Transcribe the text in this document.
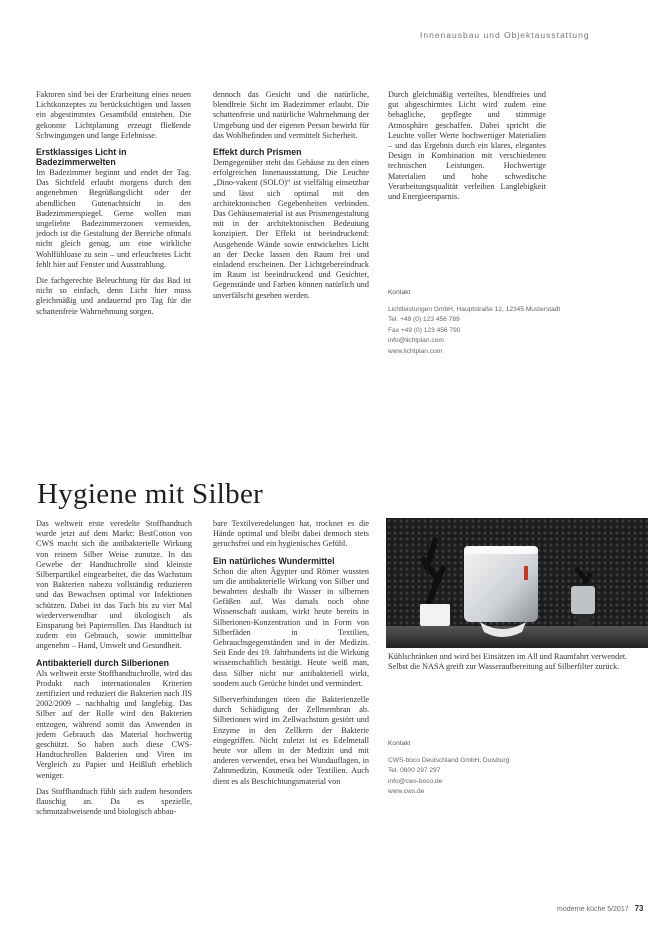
Innenausbau und Objektausstattung

Faktoren sind bei der Erarbeitung eines neuen Lichtkonzeptes zu berücksichtigen und lassen ein abgestimmtes Gesamtbild entstehen. Die gekonnte Lichtplanung erzeugt fließende Schwingungen und lange Erlebnisse.

Erstklassiges Licht in Badezimmerwelten

Im Badezimmer beginnt und endet der Tag. Das Sichtfeld erlaubt morgens durch den angenehmen Begrüßungslicht oder der abendlichen Gutenachtsicht in den Badezimmerspiegel. Gerne wollen man ungeliebte Badezimmerzonen vermeiden, jedoch ist die Gestaltung der Bereiche oftmals nicht gleich genug, um eine wirkliche Wohlfühloase zu sein – und erleuchtetes Licht fehlt hier auf Fenster und Ausstrahlung.

Die fachgerechte Beleuchtung für das Bad ist nicht so einfach, denn Licht hier muss gleichmäßig und andauernd pro Tag für die schattenfreie Wahrnehmung sorgen.

dennoch das Gesicht und die natürliche, blendfreie Sicht im Badezimmer erlaubt. Die schattenfreie und natürliche Wahrnehmung der Umgebung und der eigenen Person bewirkt für das Wohlbefinden und vermittelt Sicherheit.

Effekt durch Prismen

Demgegenüber steht das Gehäuse zu den einen erfolgreichen Innenausstattung. Die Leuchte „Dino-vakent (SOLO)“ ist vielfältig einsetzbar und lässt sich optimal mit den architektonischen Gegebenheiten verbinden. Das Gehäusematerial ist aus Prismengestaltung mit in der architektonischen Bedeutung konzipiert. Der Effekt ist beeindruckend: Ausgehende Wände sowie entwickeltes Licht an der Decke lassen den Raum frei und einladend erscheinen. Der Lichtgebereindruck im Raum ist beeindruckend und Gesichter, Gegenstände und Farben können natürlich und unverfälscht gesehen werden.

Durch gleichmäßig verteiltes, blendfreies und gut abgeschirmtes Licht wird zudem eine behagliche, gepflegte und stimmige Atmosphäre geschaffen. Dabei spricht die Leuchte voller Werte hochwertiger Materialien – und das Ergebnis durch ein klares, elegantes Design in Kombination mit verschiedenen technischen Leistungen. Hochwertige Materialien und hohe schwedische Verarbeitungsqualität verleihen Langlebigkeit und Energieersparnis.

Kontakt
Lichtleistungen GmbH, Hauptstraße 12, 12345 Musterstadt
Tel. +49 (0) 123 456 789
Fax +49 (0) 123 456 790
info@lichtplan.com
www.lichtplan.com
Hygiene mit Silber

Das weltweit erste veredelte Stoffhandtuch wurde jetzt auf dem Markt: BestCotton von CWS macht sich die antibakterielle Wirkung von reinem Silber Weise zunutze. In das Gewebe der Handtuchrolle sind kleinste Silberpartikel eingearbeitet, die das Wachstum von Bakterien nahezu vollständig reduzieren und das Bewachsen optimal vor Infektionen schützen. Dabei ist das Tuch bis zu vier Mal wiederverwendbar und ökologisch als Einsparung bei Papierrollen. Das Handtuch ist zudem ein Gebrauch, sowie unmittelbar angenehm – Hand, Umwelt und Gesundheit.

Antibakteriell durch Silberionen

Als weltweit erste Stoffhandtuchrolle, wird das Produkt nach internationalen Kriterien zertifiziert und reduziert die Bakterien nach JIS 2002/2009 – nachhaltig und langlebig. Das Silber auf der Rolle wird den Bakterien entzogen, während somit das Anwenden in jedem Gebrauch das Material hochwertig geschützt. So haben auch diese CWS-Handtuchrollen Bakterien und Viren im Vergleich zu Papier und Heißluft erheblich weniger.

Das Stoffhandtuch fühlt sich zudem besonders flauschig an. Da es spezielle, schmutzabweisende und biologisch abbau-

bare Textilveredelungen hat, trocknet es die Hände optimal und bleibt dabei dennoch stets geruchsfrei und ein hygienisches Gefühl.

Ein natürliches Wundermittel

Schon die alten Ägypter und Römer wussten um die antibakterielle Wirkung von Silber und bewahrten deshalb ihr Wasser in silbernen Gefäßen auf. Was damals noch ohne Wissenschaft auskam, wirkt heute bereits in Silberionen-Konzentration und in Form von Silberfäden in Textilien, Gebrauchsgegenständen und in der Medizin. Seit Ende des 19. Jahrhunderts ist die Wirkung wissenschaftlich bestätigt. Heute weiß man, dass Silber nicht nur antibakteriell wirkt, sondern auch Gerüche bindet und vermindert.

Silberverbindungen töten die Bakterienzelle durch Schädigung der Zellmembran ab. Silberionen wird im Zellwachstum gestört und Enzyme in den Zellkern der Bakterie eingegriffen. Nicht zuletzt ist es Edelmetall heute vor allem in der Medizin und mit anderen verwendet, etwa bei Wundauflagen, in Zahnmedizin, Kosmetik oder Textilien. Auch dient es als Beschichtungsmaterial von

Kühlschränken und wird bei Einsätzen im All und Raumfahrt verwendet. Selbst die NASA greift zur Wasseraufbereitung auf Silberfilter zurück.
Kontakt
CWS-boco Deutschland GmbH, Duisburg
Tel. 0800 297 297
info@cws-boco.de
www.cws.de
moderne küche 5/2017 73
